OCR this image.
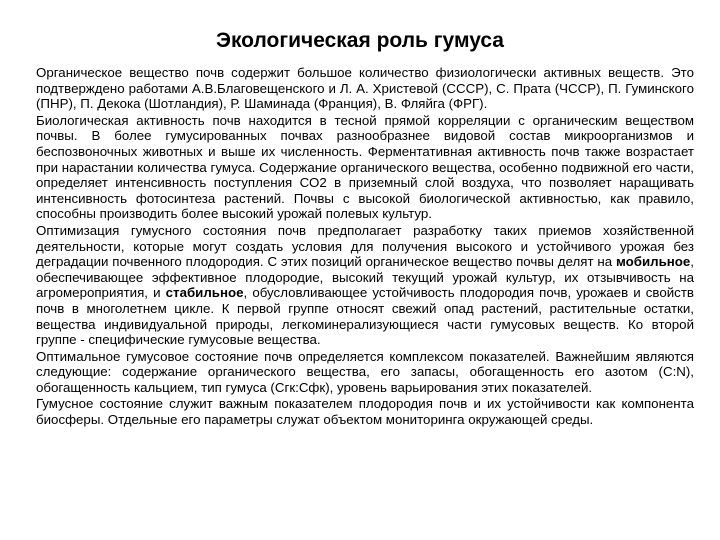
Экологическая роль гумуса

Органическое вещество почв содержит большое количество физиологически активных веществ. Это подтверждено работами А.В.Благовещенского и Л. А. Христевой (СССР), С. Прата (ЧССР), П. Гуминского (ПНР), П. Декока (Шотландия), Р. Шаминада (Франция), В. Фляйга (ФРГ).

Биологическая активность почв находится в тесной прямой корреляции с органическим веществом почвы. В более гумусированных почвах разнообразнее видовой состав микроорганизмов и беспозвоночных животных и выше их численность. Ферментативная активность почв также возрастает при нарастании количества гумуса. Содержание органического вещества, особенно подвижной его части, определяет интенсивность поступления СО2 в приземный слой воздуха, что позволяет наращивать интенсивность фотосинтеза растений. Почвы с высокой биологической активностью, как правило, способны производить более высокий урожай полевых культур.

Оптимизация гумусного состояния почв предполагает разработку таких приемов хозяйственной деятельности, которые могут создать условия для получения высокого и устойчивого урожая без деградации почвенного плодородия. С этих позиций органическое вещество почвы делят на мобильное, обеспечивающее эффективное плодородие, высокий текущий урожай культур, их отзывчивость на агромероприятия, и стабильное, обусловливающее устойчивость плодородия почв, урожаев и свойств почв в многолетнем цикле. К первой группе относят свежий опад растений, растительные остатки, вещества индивидуальной природы, легкоминерализующиеся части гумусовых веществ. Ко второй группе - специфические гумусовые вещества.

Оптимальное гумусовое состояние почв определяется комплексом показателей. Важнейшим являются следующие: содержание органического вещества, его запасы, обогащенность его азотом (С:N), обогащенность кальцием, тип гумуса (Сгк:Сфк), уровень варьирования этих показателей.

Гумусное состояние служит важным показателем плодородия почв и их устойчивости как компонента биосферы. Отдельные его параметры служат объектом мониторинга окружающей среды.
